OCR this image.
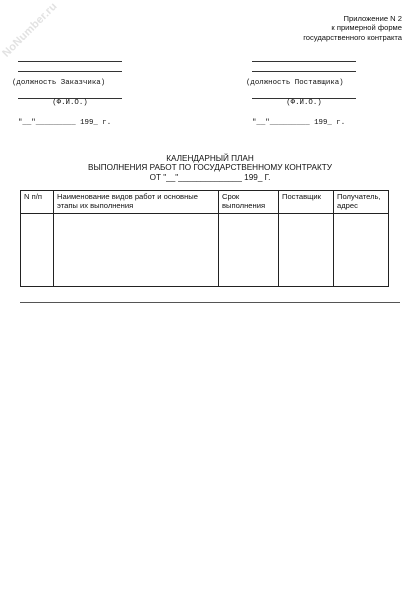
NoNumber.ru	Приложение N 2
к примерной форме
государственного контракта
(должность Заказчика)
(Ф.И.О.)
"__"_________ 199_ г.
(должность Поставщика)
(Ф.И.О.)
"__"_________ 199_ г.
КАЛЕНДАРНЫЙ ПЛАН
ВЫПОЛНЕНИЯ РАБОТ ПО ГОСУДАРСТВЕННОМУ КОНТРАКТУ
ОТ "__"______________ 199_ Г.
N п/п	Наименование видов работ и основные этапы их выполнения	Срок выполнения	Поставщик	Получатель, адрес
